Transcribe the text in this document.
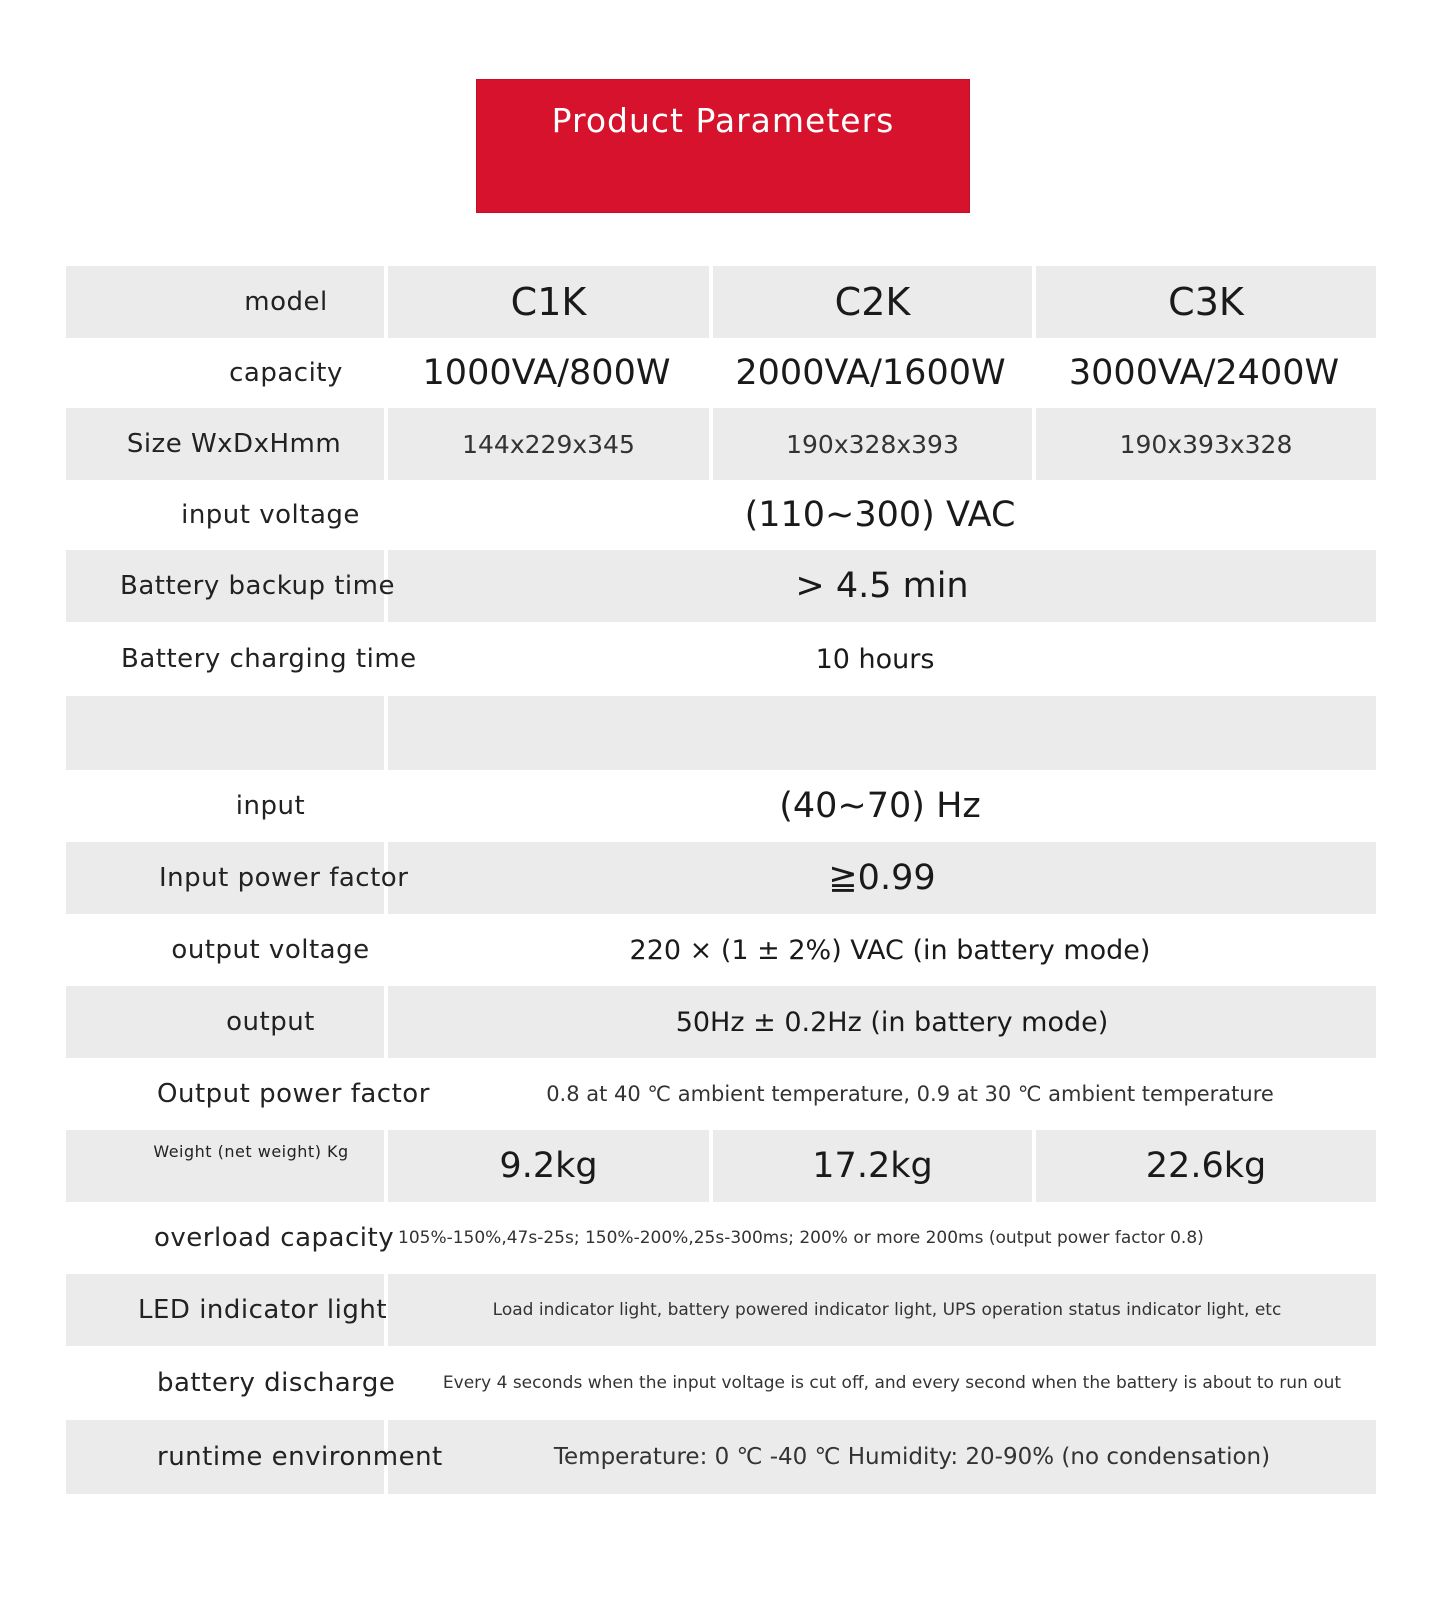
Product Parameters
model	C1K	C2K	C3K
capacity	1000VA/800W	2000VA/1600W	3000VA/2400W
Size WxDxHmm	144x229x345	190x328x393	190x393x328
input voltage	(110~300) VAC		
Battery backup time	> 4.5 min		
Battery charging time	10 hours		

input	(40~70) Hz		
Input power factor	≧0.99		
output voltage	220 × (1 ± 2%) VAC (in battery mode)		
output	50Hz ± 0.2Hz (in battery mode)		
Output power factor	0.8 at 40 ℃ ambient temperature, 0.9 at 30 ℃ ambient temperature		
Weight (net weight) Kg	9.2kg	17.2kg	22.6kg
overload capacity	105%-150%,47s-25s; 150%-200%,25s-300ms; 200% or more 200ms (output power factor 0.8)		
LED indicator light	Load indicator light, battery powered indicator light, UPS operation status indicator light, etc		
battery discharge	Every 4 seconds when the input voltage is cut off, and every second when the battery is about to run out		
runtime environment	Temperature: 0 ℃ -40 ℃ Humidity: 20-90% (no condensation)		
